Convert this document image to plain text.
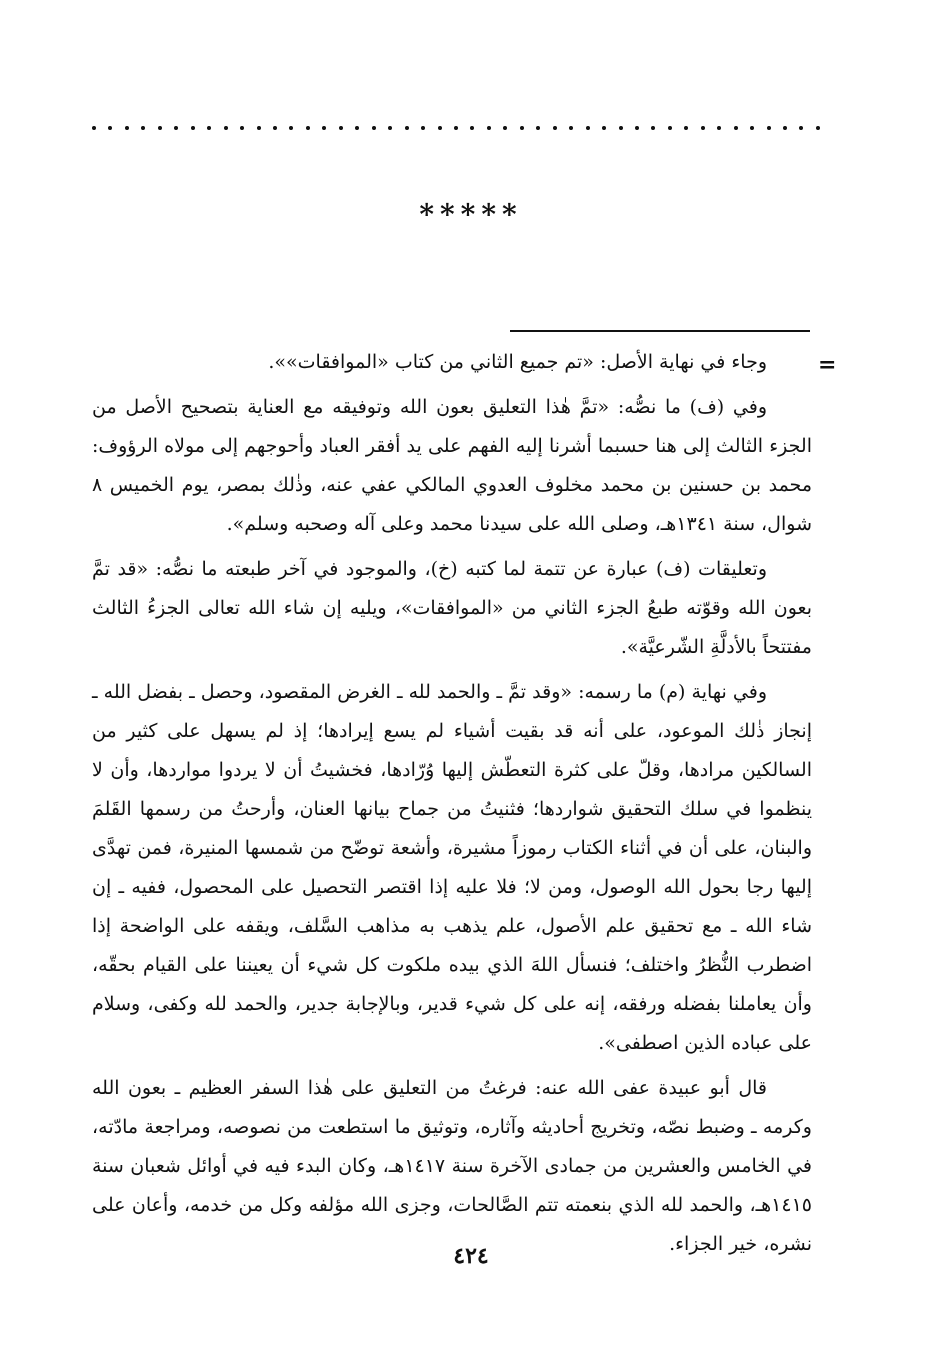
*****
=

وجاء في نهاية الأصل: «تم جميع الثاني من كتاب «الموافقات»».

وفي (ف) ما نصُّه: «تمَّ هٰذا التعليق بعون الله وتوفيقه مع العناية بتصحيح الأصل من الجزء الثالث إلى هنا حسبما أشرنا إليه الفهم على يد أفقر العباد وأحوجهم إلى مولاه الرؤوف: محمد بن حسنين بن محمد مخلوف العدوي المالكي عفي عنه، وذٰلك بمصر، يوم الخميس ٨ شوال، سنة ١٣٤١هـ، وصلى الله على سيدنا محمد وعلى آله وصحبه وسلم».

وتعليقات (ف) عبارة عن تتمة لما كتبه (خ)، والموجود في آخر طبعته ما نصُّه: «قد تمَّ بعون الله وقوّته طبعُ الجزء الثاني من «الموافقات»، ويليه إن شاء الله تعالى الجزءُ الثالث مفتتحاً بالأدلَّةِ الشّرعيَّة».

وفي نهاية (م) ما رسمه: «وقد تمَّ ـ والحمد لله ـ الغرض المقصود، وحصل ـ بفضل الله ـ إنجاز ذٰلك الموعود، على أنه قد بقيت أشياء لم يسع إيرادها؛ إذ لم يسهل على كثير من السالكين مرادها، وقلّ على كثرة التعطّش إليها وُرّادها، فخشيتُ أن لا يردوا مواردها، وأن لا ينظموا في سلك التحقيق شواردها؛ فثنيتُ من جماح بيانها العنان، وأرحتُ من رسمها القَلمَ والبنان، على أن في أثناء الكتاب رموزاً مشيرة، وأشعة توضّح من شمسها المنيرة، فمن تهدَّى إليها رجا بحول الله الوصول، ومن لا؛ فلا عليه إذا اقتصر التحصيل على المحصول، ففيه ـ إن شاء الله ـ مع تحقيق علم الأصول، علم يذهب به مذاهب السَّلف، ويقفه على الواضحة إذا اضطرب النُّظرُ واختلف؛ فنسأل اللهَ الذي بيده ملكوت كل شيء أن يعيننا على القيام بحقّه، وأن يعاملنا بفضله ورفقه، إنه على كل شيء قدير، وبالإجابة جدير، والحمد لله وكفى، وسلام على عباده الذين اصطفى».

قال أبو عبيدة عفى الله عنه: فرغتُ من التعليق على هٰذا السفر العظيم ـ بعون الله وكرمه ـ وضبط نصّه، وتخريج أحاديثه وآثاره، وتوثيق ما استطعت من نصوصه، ومراجعة مادّته، في الخامس والعشرين من جمادى الآخرة سنة ١٤١٧هـ، وكان البدء فيه في أوائل شعبان سنة ١٤١٥هـ، والحمد لله الذي بنعمته تتم الصَّالحات، وجزى الله مؤلفه وكل من خدمه، وأعان على نشره، خير الجزاء.

٤٢٤
